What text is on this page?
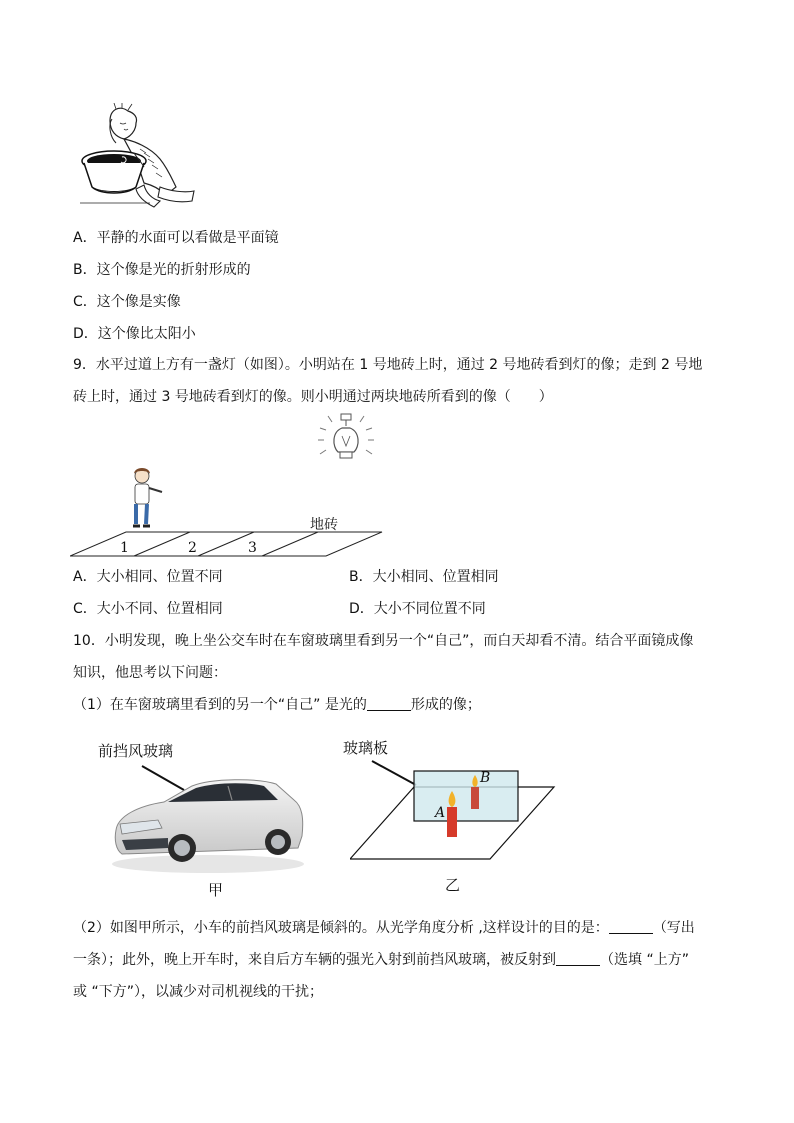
A．平静的水面可以看做是平面镜
B．这个像是光的折射形成的
C．这个像是实像
D．这个像比太阳小
9．水平过道上方有一盏灯（如图）。小明站在 1 号地砖上时，通过 2 号地砖看到灯的像；走到 2 号地
砖上时，通过 3 号地砖看到灯的像。则小明通过两块地砖所看到的像（　　）
地砖
1	2	3
A．大小相同、位置不同	B．大小相同、位置相同
C．大小不同、位置相同	D．大小不同位置不同
10．小明发现，晚上坐公交车时在车窗玻璃里看到另一个“自己”，而白天却看不清。结合平面镜成像
知识，他思考以下问题：
（1）在车窗玻璃里看到的另一个“自己” 是光的	形成的像；
前挡风玻璃
甲
玻璃板
B
A
乙
（2）如图甲所示，小车的前挡风玻璃是倾斜的。从光学角度分析 ,这样设计的目的是：	（写出
一条）；此外，晚上开车时，来自后方车辆的强光入射到前挡风玻璃，被反射到	（选填 “上方”
或 “下方”），以减少对司机视线的干扰；
